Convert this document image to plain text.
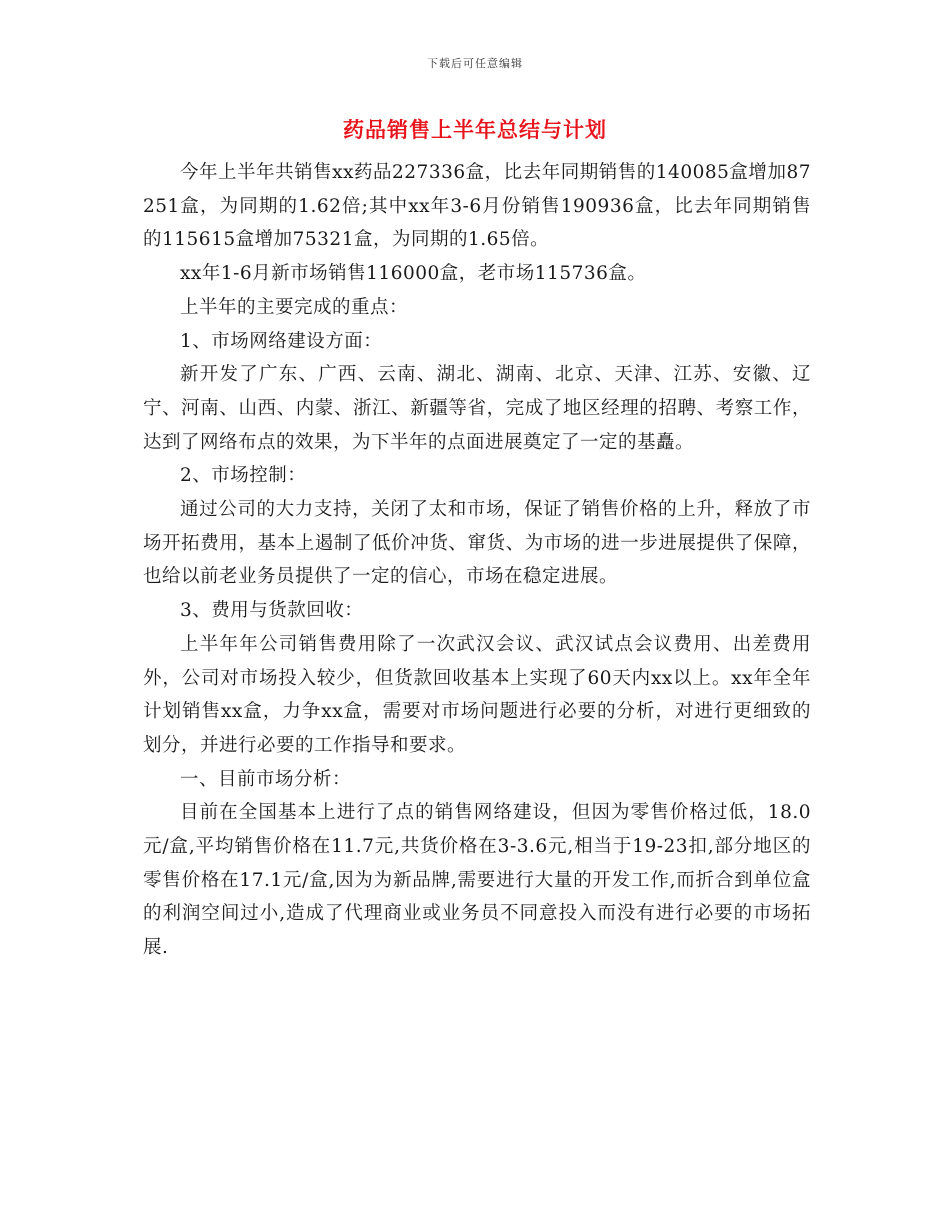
下载后可任意编辑
药品销售上半年总结与计划

今年上半年共销售xx药品227336盒，比去年同期销售的140085盒增加87251盒，为同期的1.62倍;其中xx年3-6月份销售190936盒，比去年同期销售的115615盒增加75321盒，为同期的1.65倍。

xx年1-6月新市场销售116000盒，老市场115736盒。

上半年的主要完成的重点：

1、市场网络建设方面：

新开发了广东、广西、云南、湖北、湖南、北京、天津、江苏、安徽、辽宁、河南、山西、内蒙、浙江、新疆等省，完成了地区经理的招聘、考察工作，达到了网络布点的效果，为下半年的点面进展奠定了一定的基矗。

2、市场控制：

通过公司的大力支持，关闭了太和市场，保证了销售价格的上升，释放了市场开拓费用，基本上遏制了低价冲货、窜货、为市场的进一步进展提供了保障，也给以前老业务员提供了一定的信心，市场在稳定进展。

3、费用与货款回收：

上半年年公司销售费用除了一次武汉会议、武汉试点会议费用、出差费用外，公司对市场投入较少，但货款回收基本上实现了60天内xx以上。xx年全年计划销售xx盒，力争xx盒，需要对市场问题进行必要的分析，对进行更细致的划分，并进行必要的工作指导和要求。

一、目前市场分析：

目前在全国基本上进行了点的销售网络建设，但因为零售价格过低，18.0元/盒,平均销售价格在11.7元,共货价格在3-3.6元,相当于19-23扣,部分地区的零售价格在17.1元/盒,因为为新品牌,需要进行大量的开发工作,而折合到单位盒的利润空间过小,造成了代理商业或业务员不同意投入而没有进行必要的市场拓展.
